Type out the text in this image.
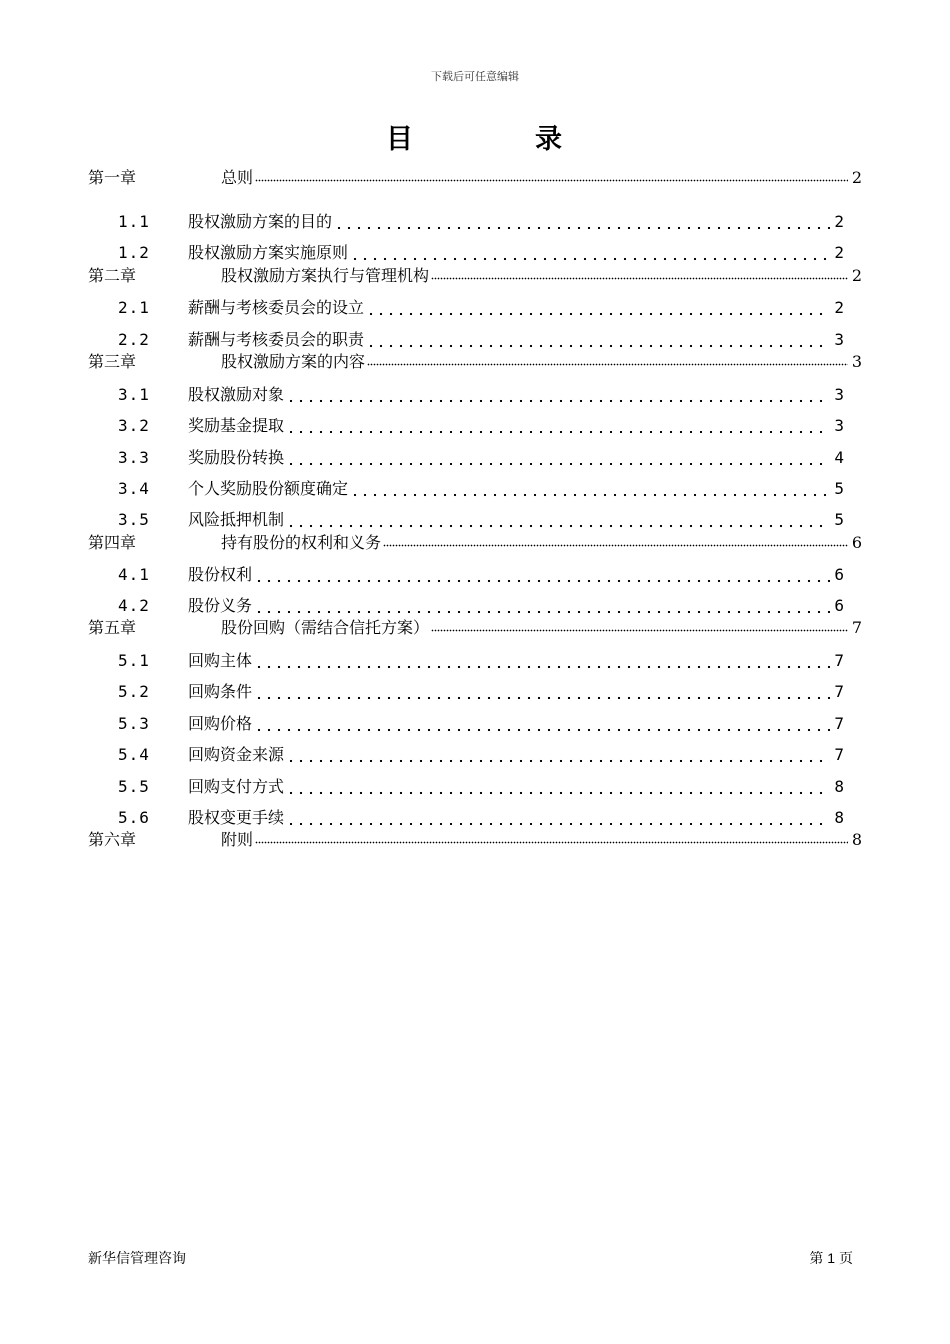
下载后可任意编辑
目	录
第一章	总则	2
1.1 股权激励方案的目的	2
1.2 股权激励方案实施原则	2
第二章	股权激励方案执行与管理机构	2
2.1 薪酬与考核委员会的设立	2
2.2 薪酬与考核委员会的职责	3
第三章	股权激励方案的内容	3
3.1 股权激励对象	3
3.2 奖励基金提取	3
3.3 奖励股份转换	4
3.4 个人奖励股份额度确定	5
3.5 风险抵押机制	5
第四章	持有股份的权利和义务	6
4.1 股份权利	6
4.2 股份义务	6
第五章	股份回购（需结合信托方案）	7
5.1 回购主体	7
5.2 回购条件	7
5.3 回购价格	7
5.4 回购资金来源	7
5.5 回购支付方式	8
5.6 股权变更手续	8
第六章	附则	8
新华信管理咨询	第 1 页
